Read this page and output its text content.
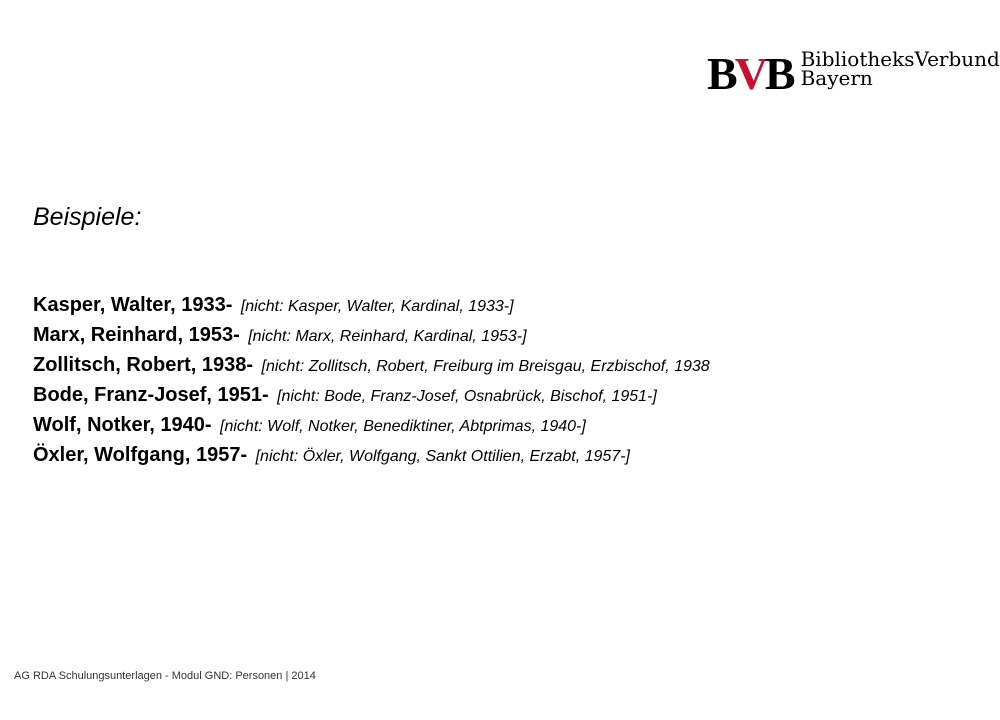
B V B BibliotheksVerbund
Bayern
Beispiele:
Kasper, Walter, 1933- [nicht: Kasper, Walter, Kardinal, 1933-]
Marx, Reinhard, 1953- [nicht: Marx, Reinhard, Kardinal, 1953-]
Zollitsch, Robert, 1938- [nicht: Zollitsch, Robert, Freiburg im Breisgau, Erzbischof, 1938
Bode, Franz-Josef, 1951- [nicht: Bode, Franz-Josef, Osnabrück, Bischof, 1951-]
Wolf, Notker, 1940- [nicht: Wolf, Notker, Benediktiner, Abtprimas, 1940-]
Öxler, Wolfgang, 1957- [nicht: Öxler, Wolfgang, Sankt Ottilien, Erzabt, 1957-]
AG RDA Schulungsunterlagen - Modul GND: Personen | 2014
